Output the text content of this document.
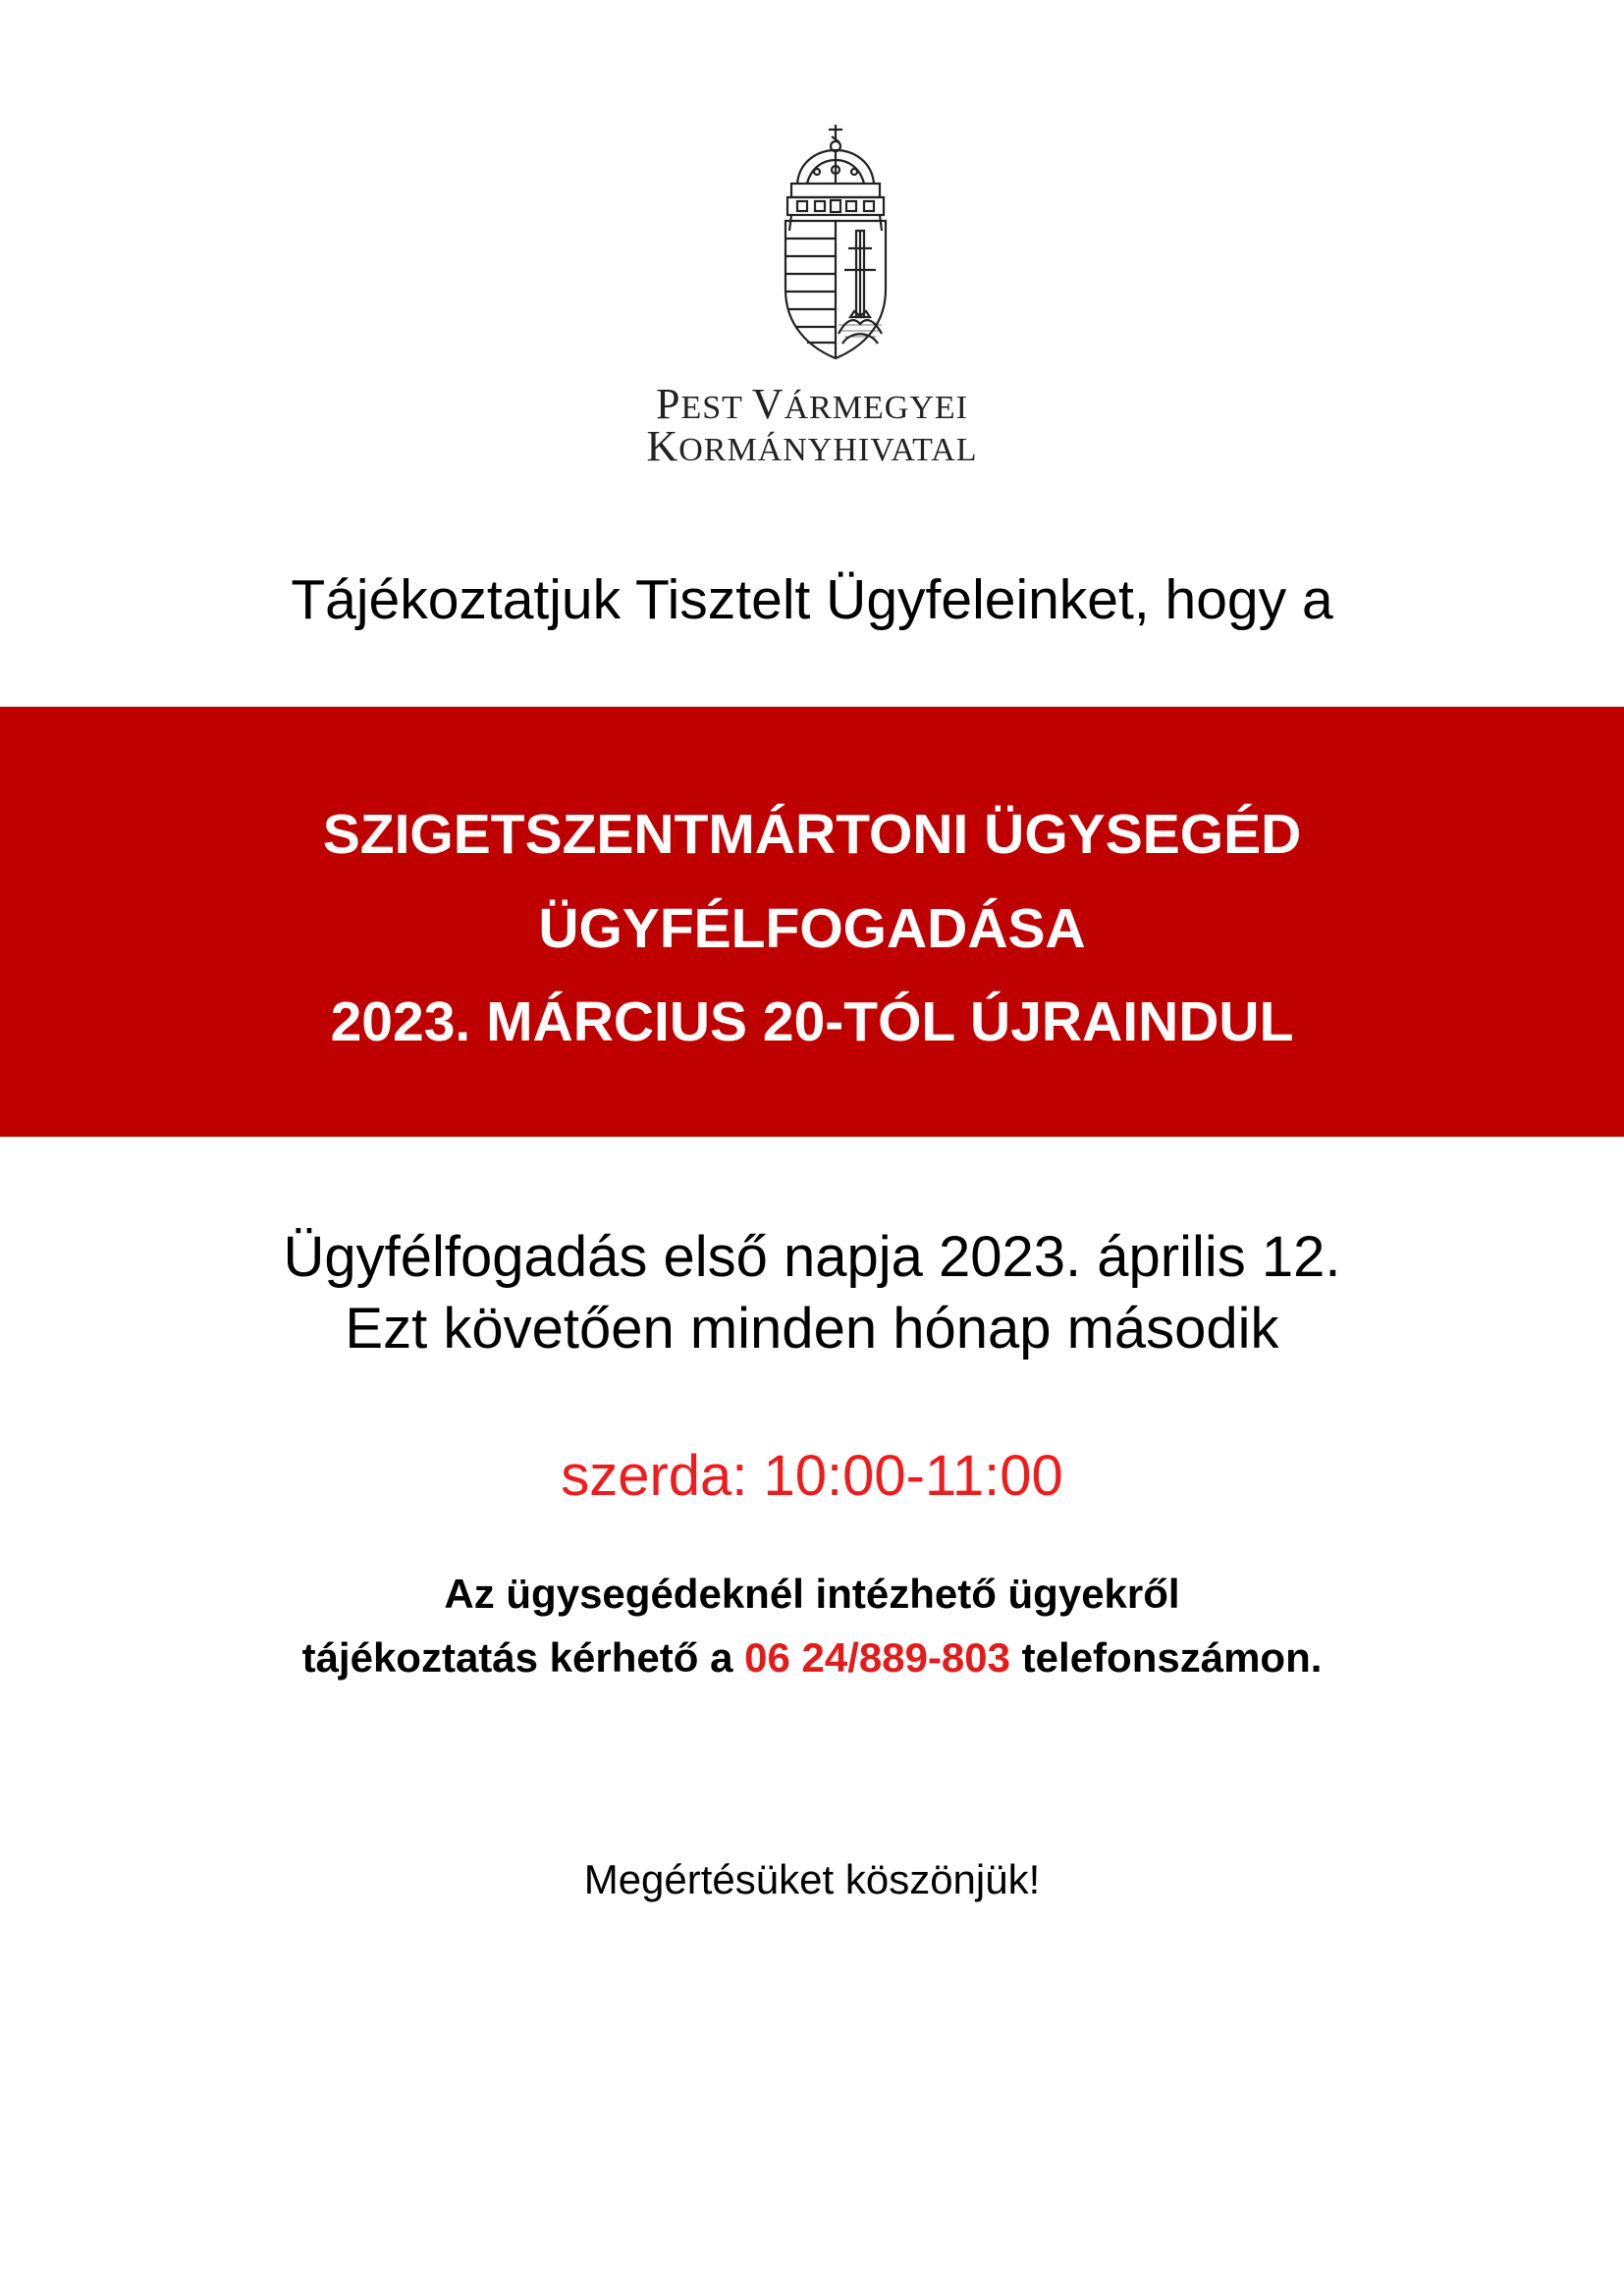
PEST VÁRMEGYEI
KORMÁNYHIVATAL
Tájékoztatjuk Tisztelt Ügyfeleinket, hogy a
SZIGETSZENTMÁRTONI ÜGYSEGÉD
ÜGYFÉLFOGADÁSA
2023. MÁRCIUS 20-TÓL ÚJRAINDUL
Ügyfélfogadás első napja 2023. április 12.
Ezt követően minden hónap második
szerda: 10:00-11:00
Az ügysegédeknél intézhető ügyekről
tájékoztatás kérhető a 06 24/889-803 telefonszámon.
Megértésüket köszönjük!
